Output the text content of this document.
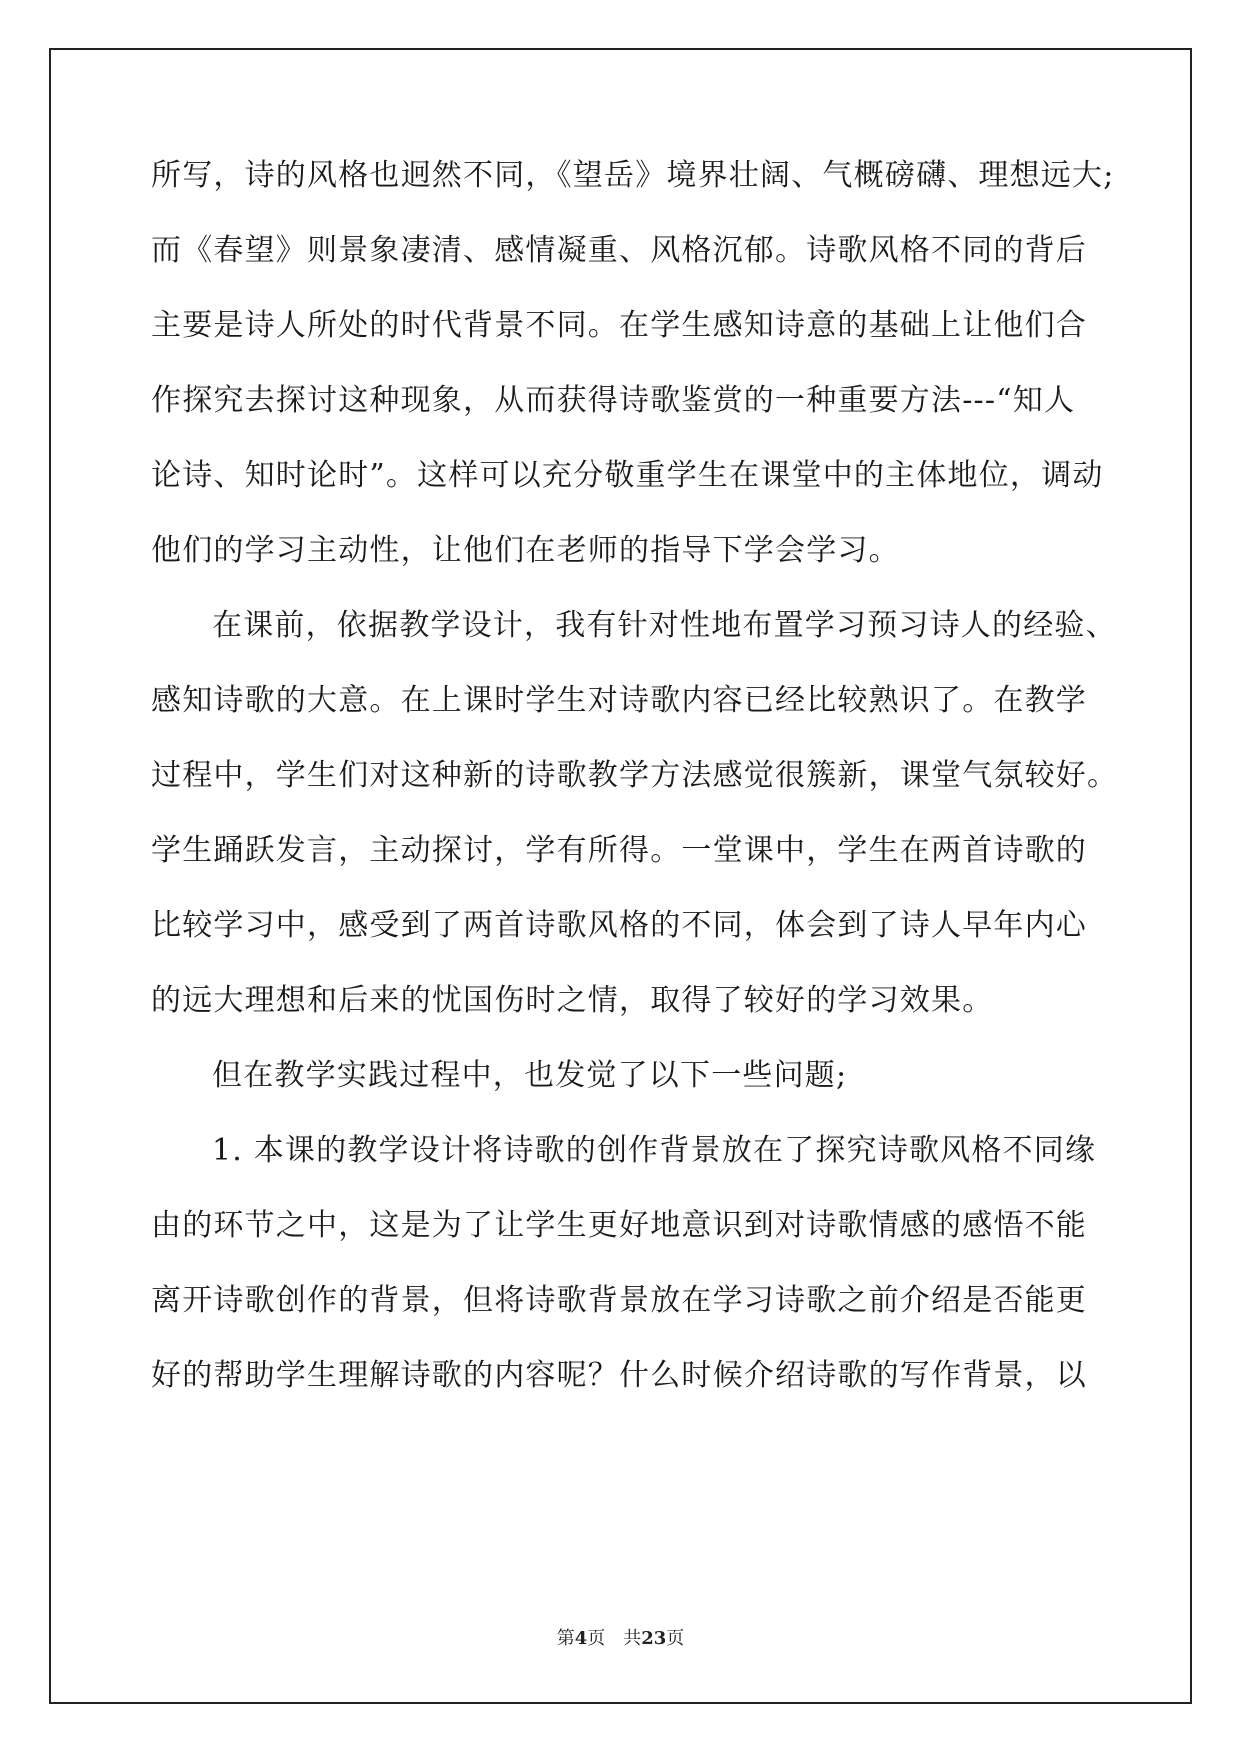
所写，诗的风格也迥然不同，《望岳》境界壮阔、气概磅礴、理想远大;
而《春望》则景象凄清、感情凝重、风格沉郁。诗歌风格不同的背后
主要是诗人所处的时代背景不同。在学生感知诗意的基础上让他们合
作探究去探讨这种现象，从而获得诗歌鉴赏的一种重要方法---“知人
论诗、知时论时”。这样可以充分敬重学生在课堂中的主体地位，调动
他们的学习主动性，让他们在老师的指导下学会学习。
在课前，依据教学设计，我有针对性地布置学习预习诗人的经验、
感知诗歌的大意。在上课时学生对诗歌内容已经比较熟识了。在教学
过程中，学生们对这种新的诗歌教学方法感觉很簇新，课堂气氛较好。
学生踊跃发言，主动探讨，学有所得。一堂课中，学生在两首诗歌的
比较学习中，感受到了两首诗歌风格的不同，体会到了诗人早年内心
的远大理想和后来的忧国伤时之情，取得了较好的学习效果。
但在教学实践过程中，也发觉了以下一些问题;
1. 本课的教学设计将诗歌的创作背景放在了探究诗歌风格不同缘
由的环节之中，这是为了让学生更好地意识到对诗歌情感的感悟不能
离开诗歌创作的背景，但将诗歌背景放在学习诗歌之前介绍是否能更
好的帮助学生理解诗歌的内容呢？什么时候介绍诗歌的写作背景，以
第4页　共23页
